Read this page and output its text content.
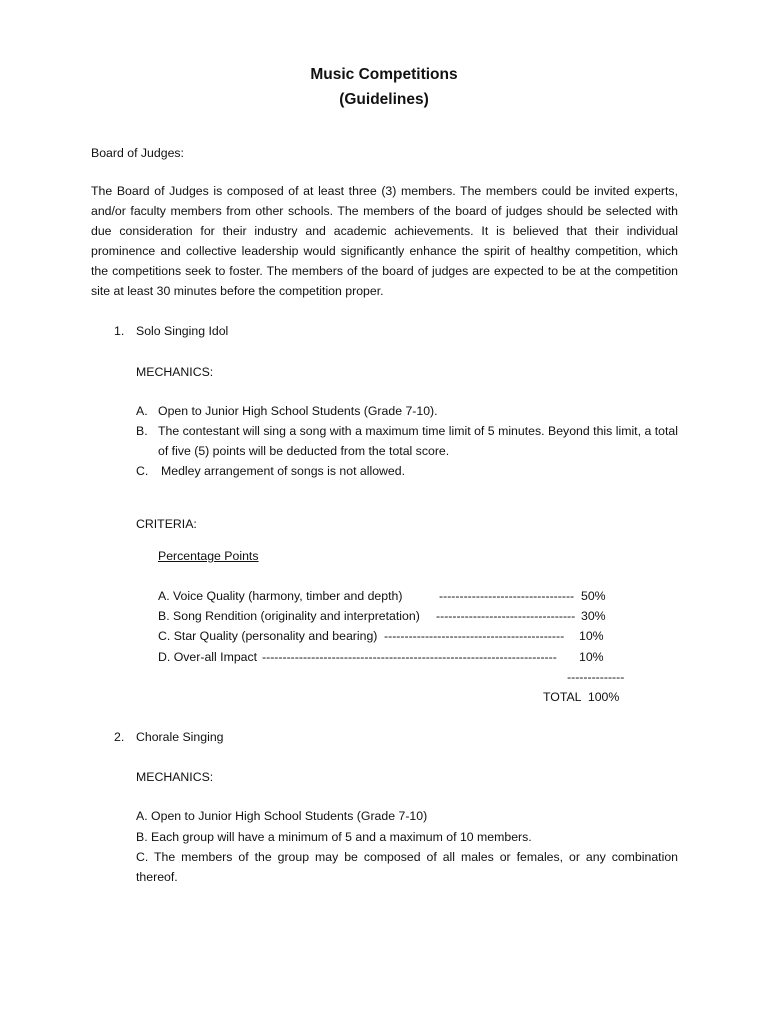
Music Competitions
(Guidelines)
Board of Judges:
The Board of Judges is composed of at least three (3) members. The members could be invited experts, and/or faculty members from other schools. The members of the board of judges should be selected with due consideration for their industry and academic achievements. It is believed that their individual prominence and collective leadership would significantly enhance the spirit of healthy competition, which the competitions seek to foster. The members of the board of judges are expected to be at the competition site at least 30 minutes before the competition proper.
1. Solo Singing Idol
MECHANICS:
A. Open to Junior High School Students (Grade 7-10).
B. The contestant will sing a song with a maximum time limit of 5 minutes. Beyond this limit, a total of five (5) points will be deducted from the total score.
C. Medley arrangement of songs is not allowed.
CRITERIA:
Percentage Points
A. Voice Quality (harmony, timber and depth)	--------------------------------- 50%
B. Song Rendition (originality and interpretation) ---------------------------------- 30%
C. Star Quality (personality and bearing) -------------------------------------------- 10%
D. Over-all Impact ------------------------------------------------------------------------ 10%
--------------
TOTAL  100%
2. Chorale Singing
MECHANICS:
A. Open to Junior High School Students (Grade 7-10)
B. Each group will have a minimum of 5 and a maximum of 10 members.
C. The members of the group may be composed of all males or females, or any combination thereof.
